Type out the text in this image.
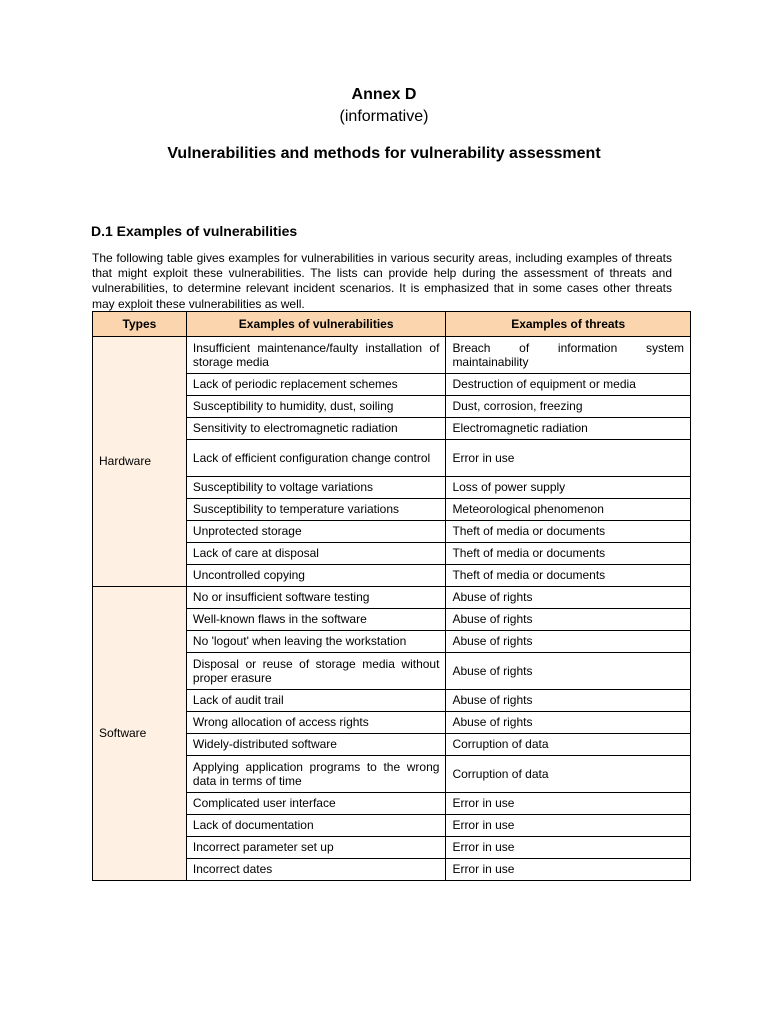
Annex D
(informative)
Vulnerabilities and methods for vulnerability assessment
D.1 Examples of vulnerabilities
The following table gives examples for vulnerabilities in various security areas, including examples of threats that might exploit these vulnerabilities. The lists can provide help during the assessment of threats and vulnerabilities, to determine relevant incident scenarios. It is emphasized that in some cases other threats may exploit these vulnerabilities as well.
Types	Examples of vulnerabilities	Examples of threats
Hardware	Insufficient maintenance/faulty installation of storage media	Breach of information system maintainability
	Lack of periodic replacement schemes	Destruction of equipment or media
	Susceptibility to humidity, dust, soiling	Dust, corrosion, freezing
	Sensitivity to electromagnetic radiation	Electromagnetic radiation
	Lack of efficient configuration change control	Error in use
	Susceptibility to voltage variations	Loss of power supply
	Susceptibility to temperature variations	Meteorological phenomenon
	Unprotected storage	Theft of media or documents
	Lack of care at disposal	Theft of media or documents
	Uncontrolled copying	Theft of media or documents
Software	No or insufficient software testing	Abuse of rights
	Well-known flaws in the software	Abuse of rights
	No 'logout' when leaving the workstation	Abuse of rights
	Disposal or reuse of storage media without proper erasure	Abuse of rights
	Lack of audit trail	Abuse of rights
	Wrong allocation of access rights	Abuse of rights
	Widely-distributed software	Corruption of data
	Applying application programs to the wrong data in terms of time	Corruption of data
	Complicated user interface	Error in use
	Lack of documentation	Error in use
	Incorrect parameter set up	Error in use
	Incorrect dates	Error in use
